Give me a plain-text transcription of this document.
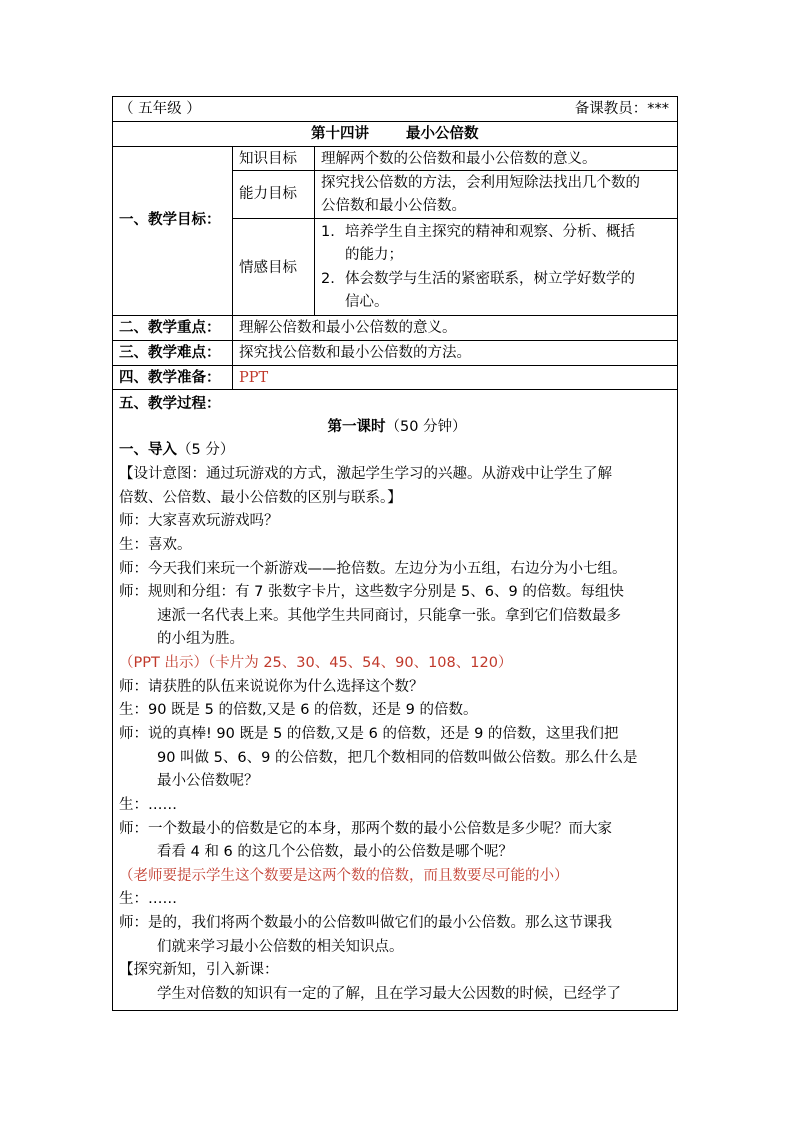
（ 五年级 ）	备课教员：***
第十四讲	最小公倍数
一、教学目标：
知识目标 理解两个数的公倍数和最小公倍数的意义。
能力目标
探究找公倍数的方法，会利用短除法找出几个数的
公倍数和最小公倍数。
情感目标
1. 培养学生自主探究的精神和观察、分析、概括
的能力；
2. 体会数学与生活的紧密联系，树立学好数学的
信心。
二、教学重点： 理解公倍数和最小公倍数的意义。
三、教学难点： 探究找公倍数和最小公倍数的方法。
四、教学准备： PPT
五、教学过程：
第一课时（50 分钟）
一、导入（5 分）
【设计意图：通过玩游戏的方式，激起学生学习的兴趣。从游戏中让学生了解
倍数、公倍数、最小公倍数的区别与联系。】
师：大家喜欢玩游戏吗？
生：喜欢。
师：今天我们来玩一个新游戏——抢倍数。左边分为小五组，右边分为小七组。
师：规则和分组：有 7 张数字卡片，这些数字分别是 5、6、9 的倍数。每组快
速派一名代表上来。其他学生共同商讨，只能拿一张。拿到它们倍数最多
的小组为胜。
（PPT 出示）（卡片为 25、30、45、54、90、108、120）
师：请获胜的队伍来说说你为什么选择这个数？
生：90 既是 5 的倍数,又是 6 的倍数，还是 9 的倍数。
师：说的真棒! 90 既是 5 的倍数,又是 6 的倍数，还是 9 的倍数，这里我们把
90 叫做 5、6、9 的公倍数，把几个数相同的倍数叫做公倍数。那么什么是
最小公倍数呢？
生：……
师：一个数最小的倍数是它的本身，那两个数的最小公倍数是多少呢？而大家
看看 4 和 6 的这几个公倍数，最小的公倍数是哪个呢？
（老师要提示学生这个数要是这两个数的倍数，而且数要尽可能的小）
生：……
师：是的，我们将两个数最小的公倍数叫做它们的最小公倍数。那么这节课我
们就来学习最小公倍数的相关知识点。
【探究新知，引入新课：
学生对倍数的知识有一定的了解，且在学习最大公因数的时候，已经学了
